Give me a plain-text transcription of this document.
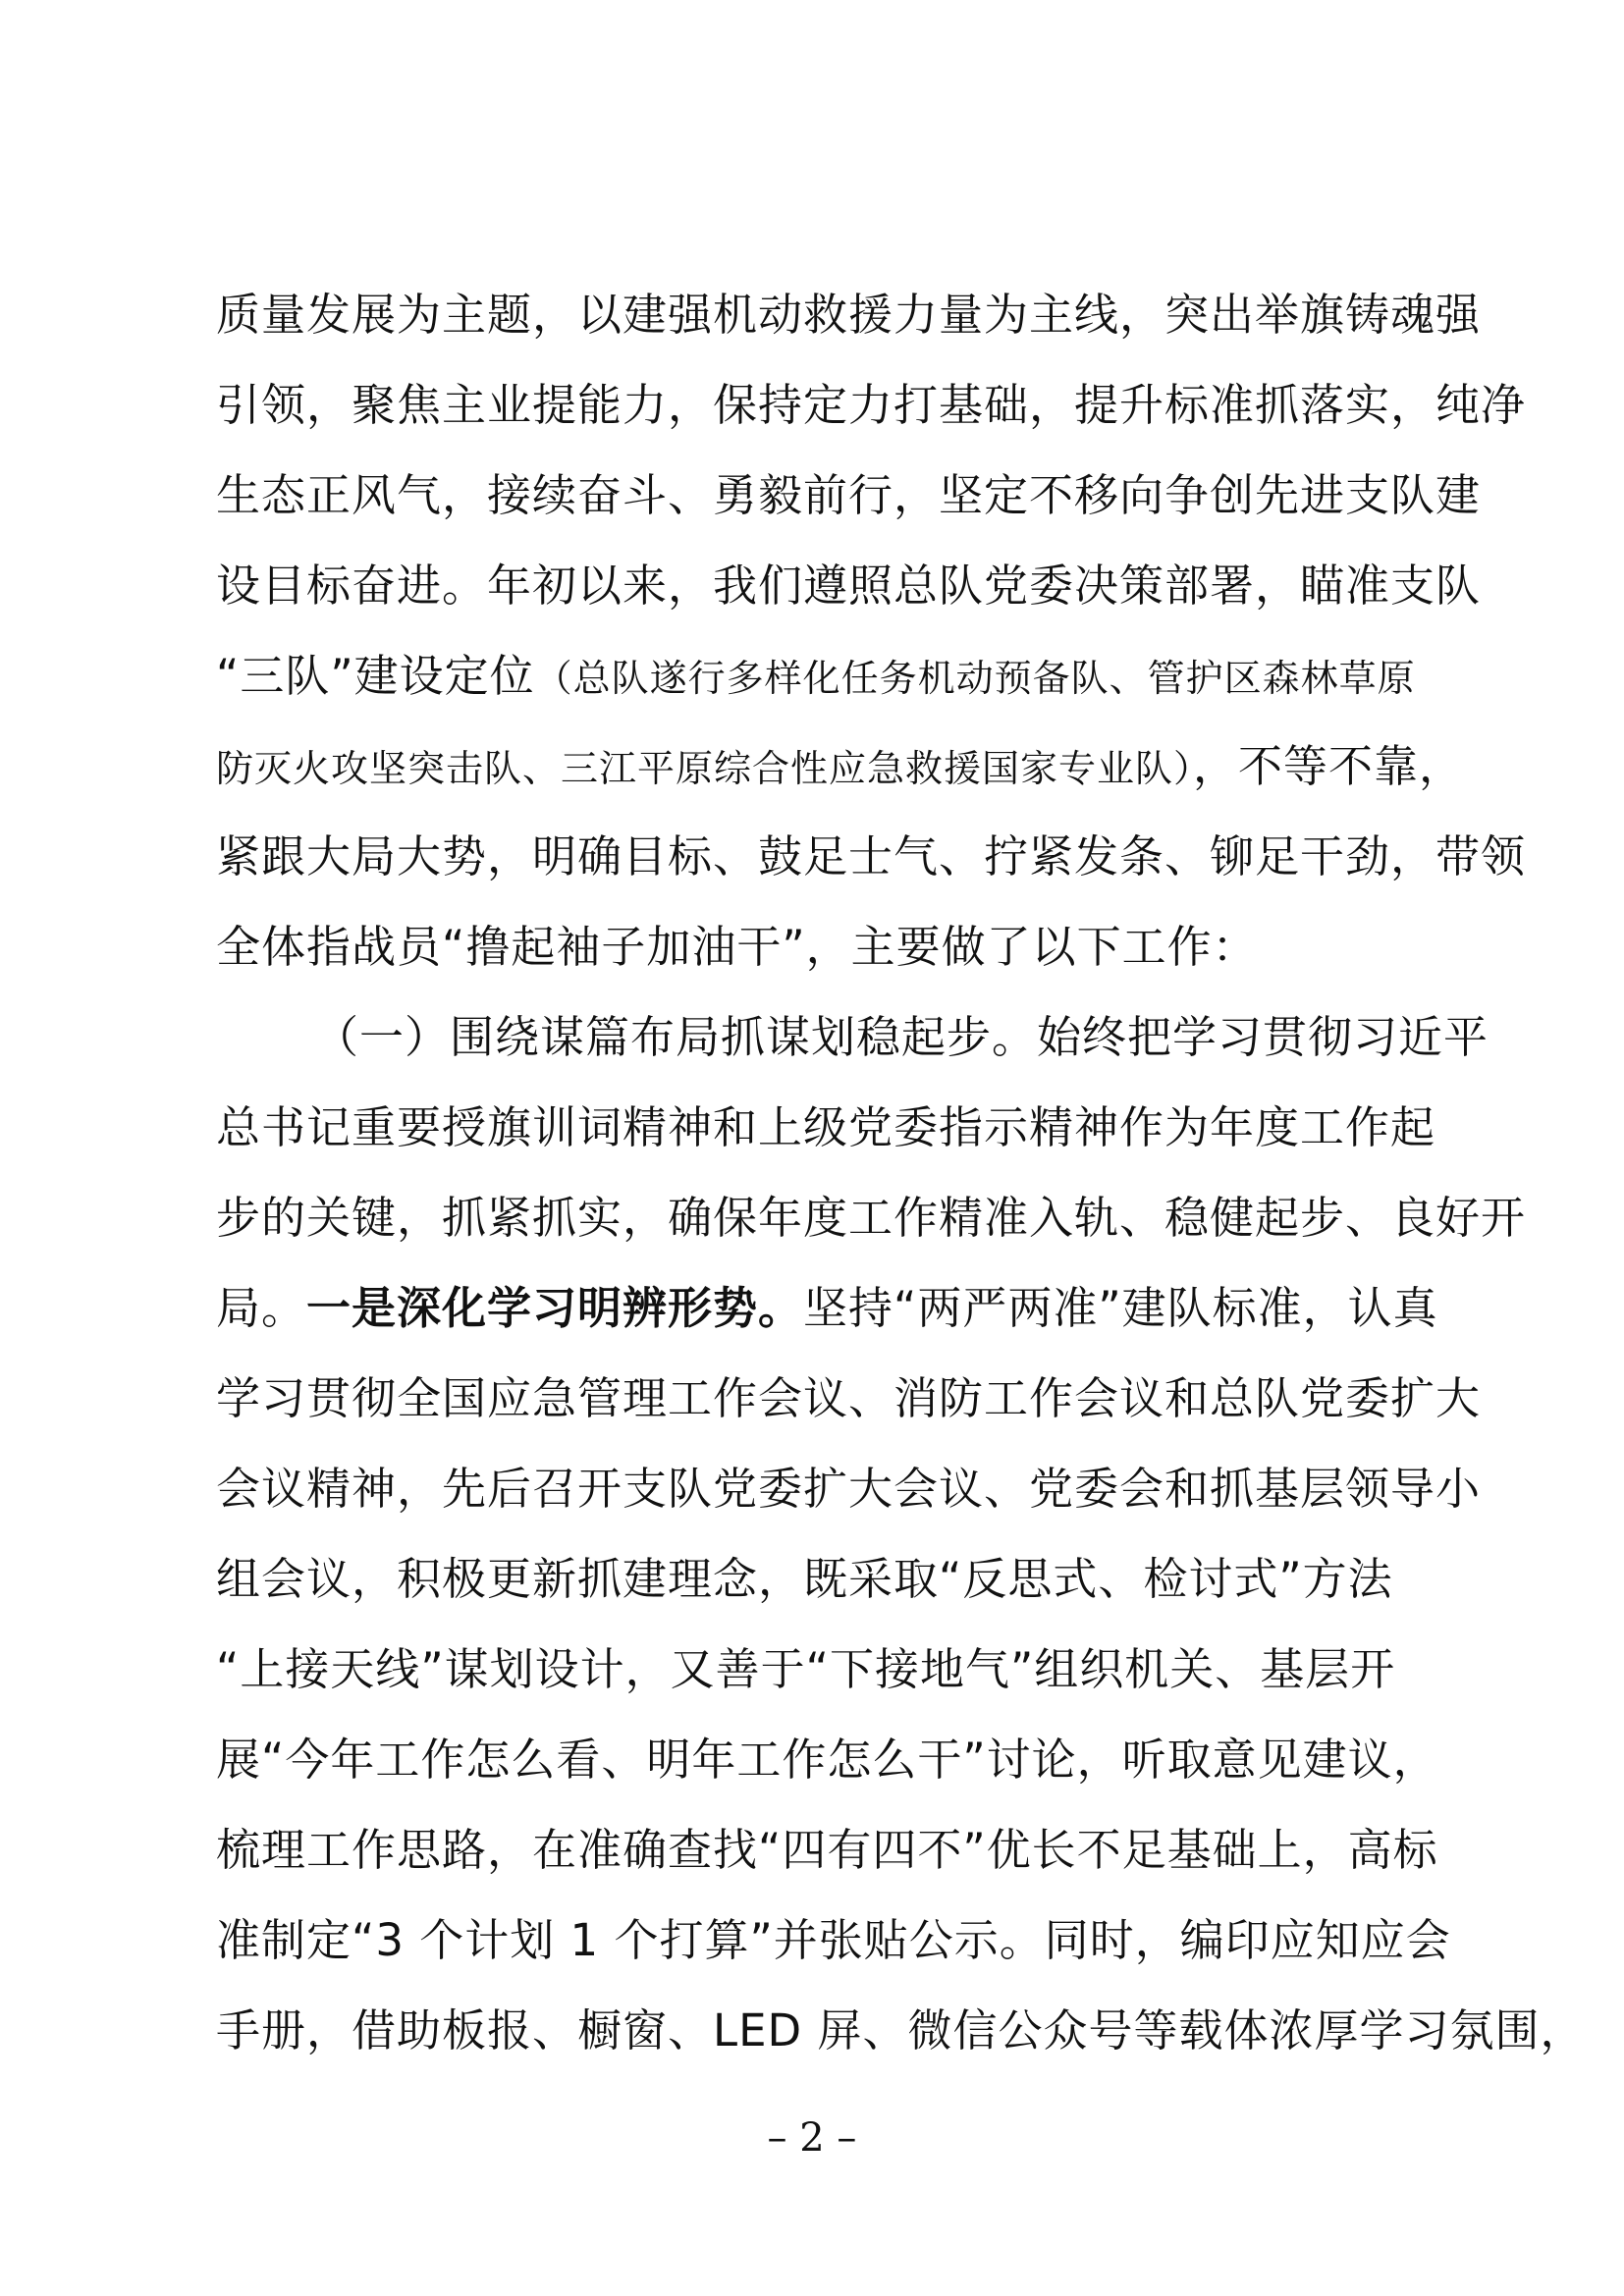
质量发展为主题，以建强机动救援力量为主线，突出举旗铸魂强
引领，聚焦主业提能力，保持定力打基础，提升标准抓落实，纯净
生态正风气，接续奋斗、勇毅前行，坚定不移向争创先进支队建
设目标奋进。年初以来，我们遵照总队党委决策部署，瞄准支队
“三队”建设定位（总队遂行多样化任务机动预备队、管护区森林草原
防灭火攻坚突击队、三江平原综合性应急救援国家专业队），不等不靠，
紧跟大局大势，明确目标、鼓足士气、拧紧发条、铆足干劲，带领
全体指战员“撸起袖子加油干”，主要做了以下工作：
（一）围绕谋篇布局抓谋划稳起步。始终把学习贯彻习近平
总书记重要授旗训词精神和上级党委指示精神作为年度工作起
步的关键，抓紧抓实，确保年度工作精准入轨、稳健起步、良好开
局。一是深化学习明辨形势。坚持“两严两准”建队标准，认真
学习贯彻全国应急管理工作会议、消防工作会议和总队党委扩大
会议精神，先后召开支队党委扩大会议、党委会和抓基层领导小
组会议，积极更新抓建理念，既采取“反思式、检讨式”方法
“上接天线”谋划设计，又善于“下接地气”组织机关、基层开
展“今年工作怎么看、明年工作怎么干”讨论，听取意见建议，
梳理工作思路，在准确查找“四有四不”优长不足基础上，高标
准制定“3 个计划 1 个打算”并张贴公示。同时，编印应知应会
手册，借助板报、橱窗、LED 屏、微信公众号等载体浓厚学习氛围，
– 2 –
